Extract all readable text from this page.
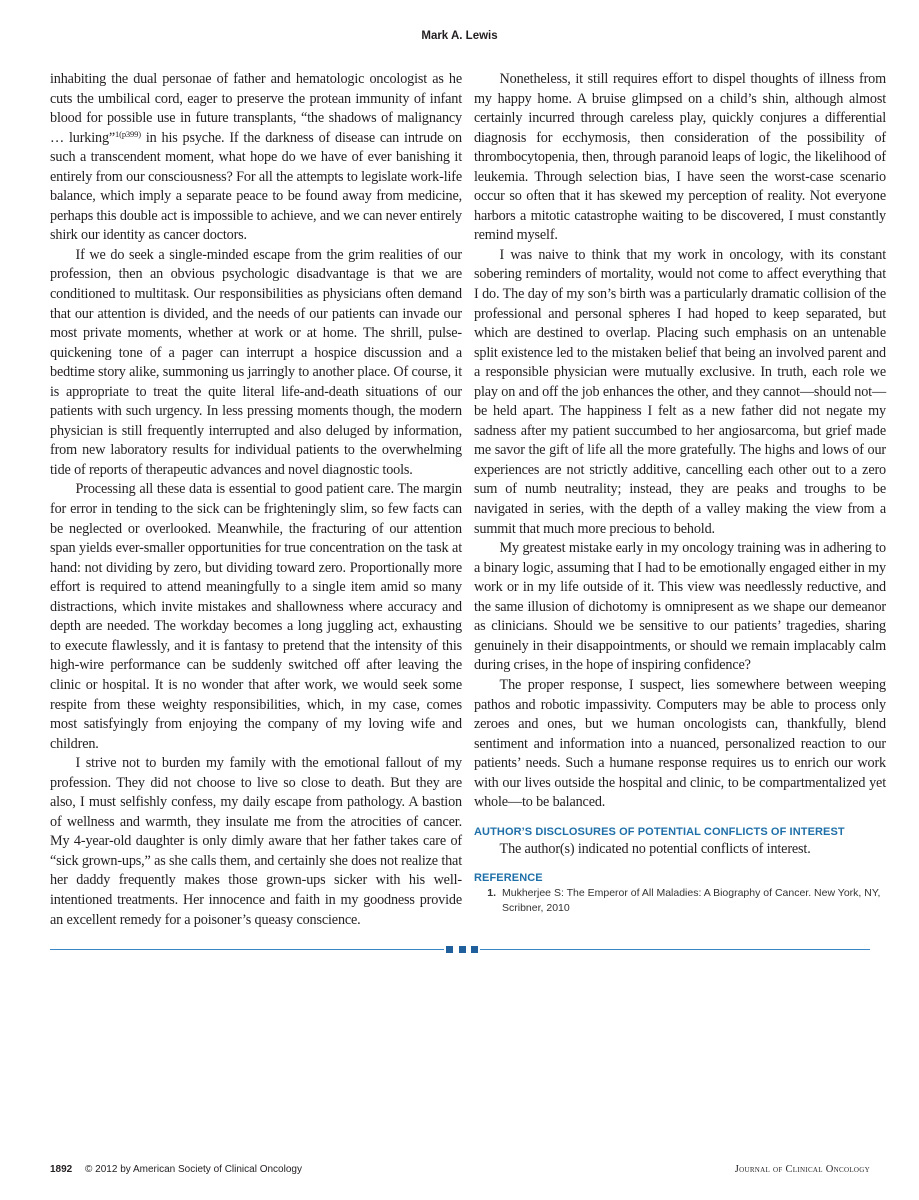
Mark A. Lewis

inhabiting the dual personae of father and hematologic oncologist as he cuts the umbilical cord, eager to preserve the protean immunity of infant blood for possible use in future transplants, “the shadows of malignancy … lurking”$^{1(p399)}$ in his psyche. If the darkness of disease can intrude on such a transcendent moment, what hope do we have of ever banishing it entirely from our consciousness? For all the attempts to legislate work-life balance, which imply a separate peace to be found away from medicine, perhaps this double act is impossible to achieve, and we can never entirely shirk our identity as cancer doctors.

If we do seek a single-minded escape from the grim realities of our profession, then an obvious psychologic disadvantage is that we are conditioned to multitask. Our responsibilities as physicians often demand that our attention is divided, and the needs of our patients can invade our most private moments, whether at work or at home. The shrill, pulse-quickening tone of a pager can interrupt a hospice discussion and a bedtime story alike, summoning us jarringly to another place. Of course, it is appropriate to treat the quite literal life-and-death situations of our patients with such urgency. In less pressing moments though, the modern physician is still frequently interrupted and also deluged by information, from new laboratory results for individual patients to the overwhelming tide of reports of therapeutic advances and novel diagnostic tools.

Processing all these data is essential to good patient care. The margin for error in tending to the sick can be frighteningly slim, so few facts can be neglected or overlooked. Meanwhile, the fracturing of our attention span yields ever-smaller opportunities for true concentration on the task at hand: not dividing by zero, but dividing toward zero. Proportionally more effort is required to attend meaningfully to a single item amid so many distractions, which invite mistakes and shallowness where accuracy and depth are needed. The workday becomes a long juggling act, exhausting to execute flawlessly, and it is fantasy to pretend that the intensity of this high-wire performance can be suddenly switched off after leaving the clinic or hospital. It is no wonder that after work, we would seek some respite from these weighty responsibilities, which, in my case, comes most satisfyingly from enjoying the company of my loving wife and children.

I strive not to burden my family with the emotional fallout of my profession. They did not choose to live so close to death. But they are also, I must selfishly confess, my daily escape from pathology. A bastion of wellness and warmth, they insulate me from the atrocities of cancer. My 4-year-old daughter is only dimly aware that her father takes care of “sick grown-ups,” as she calls them, and certainly she does not realize that her daddy frequently makes those grown-ups sicker with his well-intentioned treatments. Her innocence and faith in my goodness provide an excellent remedy for a poisoner’s queasy conscience.

Nonetheless, it still requires effort to dispel thoughts of illness from my happy home. A bruise glimpsed on a child’s shin, although almost certainly incurred through careless play, quickly conjures a differential diagnosis for ecchymosis, then consideration of the possibility of thrombocytopenia, then, through paranoid leaps of logic, the likelihood of leukemia. Through selection bias, I have seen the worst-case scenario occur so often that it has skewed my perception of reality. Not everyone harbors a mitotic catastrophe waiting to be discovered, I must constantly remind myself.

I was naive to think that my work in oncology, with its constant sobering reminders of mortality, would not come to affect everything that I do. The day of my son’s birth was a particularly dramatic collision of the professional and personal spheres I had hoped to keep separated, but which are destined to overlap. Placing such emphasis on an untenable split existence led to the mistaken belief that being an involved parent and a responsible physician were mutually exclusive. In truth, each role we play on and off the job enhances the other, and they cannot—should not—be held apart. The happiness I felt as a new father did not negate my sadness after my patient succumbed to her angiosarcoma, but grief made me savor the gift of life all the more gratefully. The highs and lows of our experiences are not strictly additive, cancelling each other out to a zero sum of numb neutrality; instead, they are peaks and troughs to be navigated in series, with the depth of a valley making the view from a summit that much more precious to behold.

My greatest mistake early in my oncology training was in adhering to a binary logic, assuming that I had to be emotionally engaged either in my work or in my life outside of it. This view was needlessly reductive, and the same illusion of dichotomy is omnipresent as we shape our demeanor as clinicians. Should we be sensitive to our patients’ tragedies, sharing genuinely in their disappointments, or should we remain implacably calm during crises, in the hope of inspiring confidence?

The proper response, I suspect, lies somewhere between weeping pathos and robotic impassivity. Computers may be able to process only zeroes and ones, but we human oncologists can, thankfully, blend sentiment and information into a nuanced, personalized reaction to our patients’ needs. Such a humane response requires us to enrich our work with our lives outside the hospital and clinic, to be compartmentalized yet whole—to be balanced.

AUTHOR’S DISCLOSURES OF POTENTIAL CONFLICTS OF INTEREST

The author(s) indicated no potential conflicts of interest.

REFERENCE
1. Mukherjee S: The Emperor of All Maladies: A Biography of Cancer. New York, NY, Scribner, 2010
1892 © 2012 by American Society of Clinical Oncology	Journal of Clinical Oncology
